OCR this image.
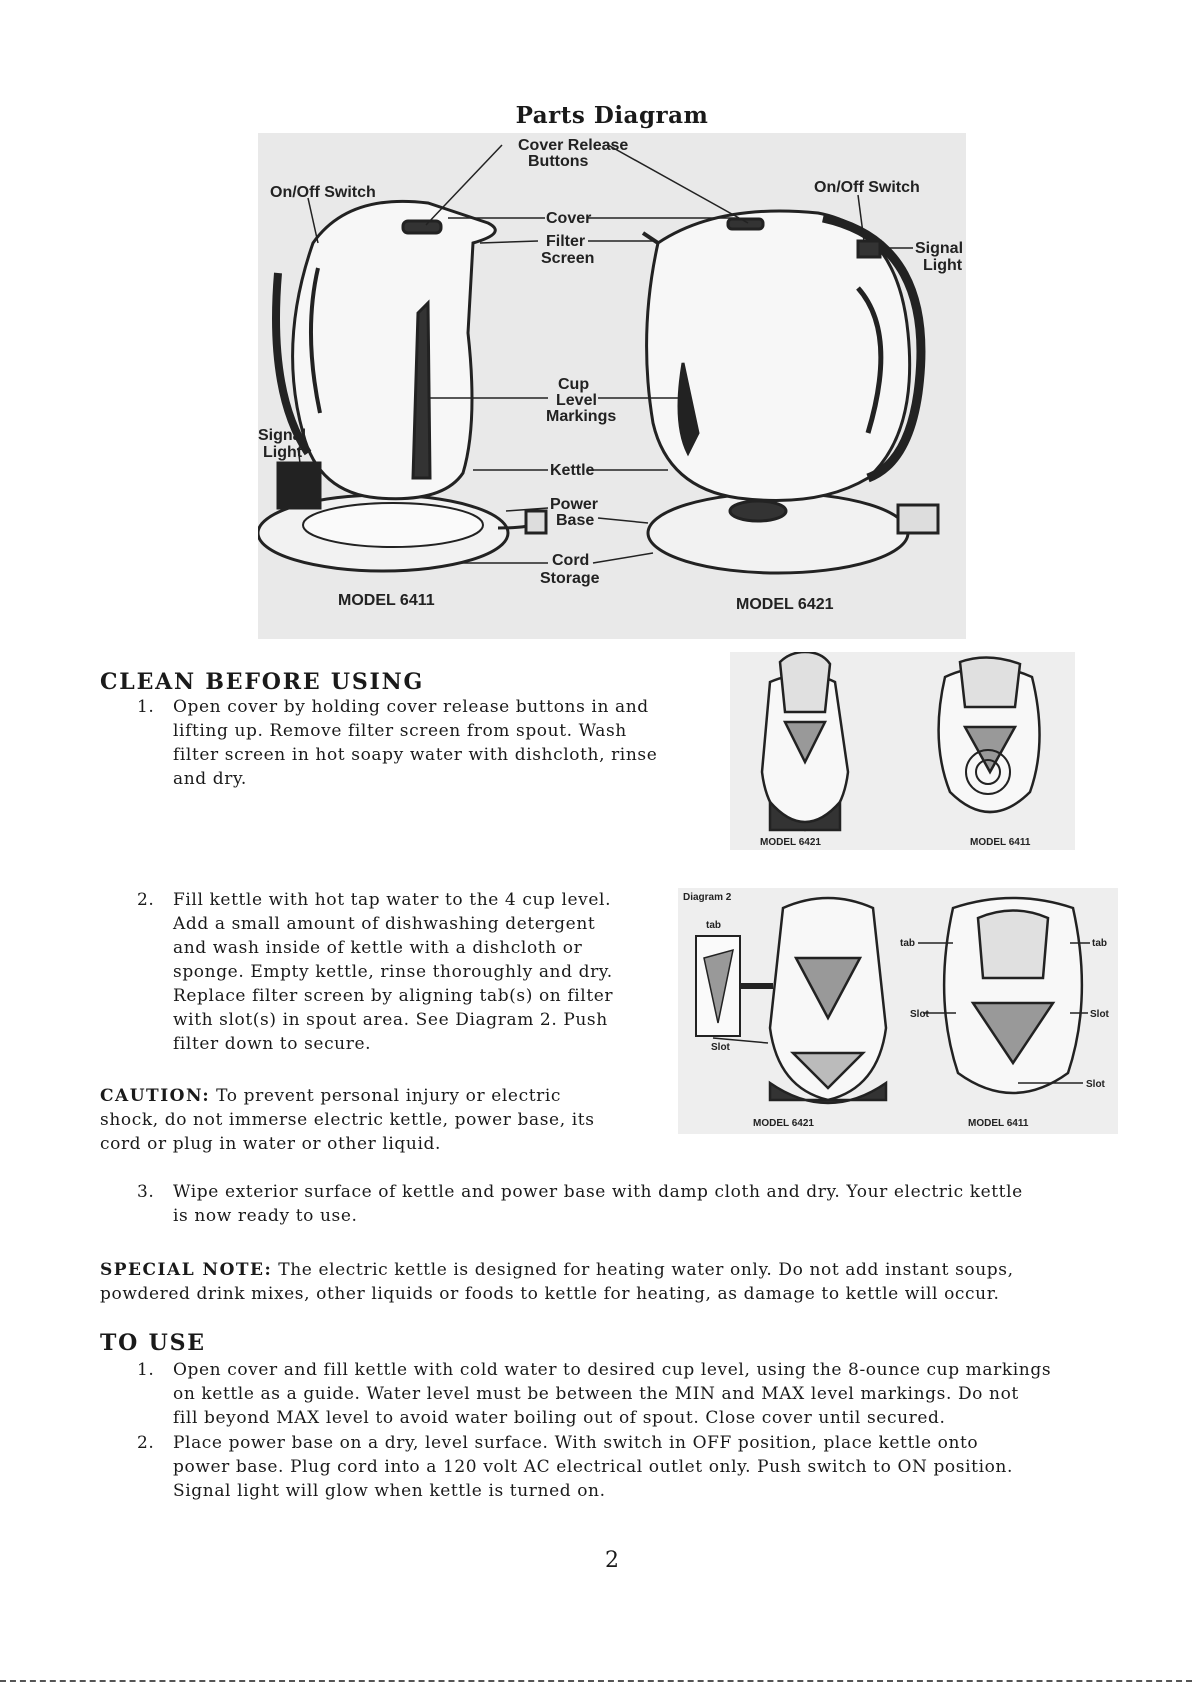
Parts Diagram
Cover Release
Buttons
On/Off Switch	On/Off Switch
Cover
Filter
Screen
Signal
Light
Signal
Light
Cup
Level
Markings
Kettle
Power
Base
Cord
Storage
MODEL 6411	MODEL 6421
MODEL 6421	MODEL 6411
Diagram 2
tab
Slot
tab	tab
Slot	Slot
Slot
MODEL 6421	MODEL 6411
CLEAN BEFORE USING
1. Open cover by holding cover release buttons in and
lifting up. Remove filter screen from spout. Wash
filter screen in hot soapy water with dishcloth, rinse
and dry.
2. Fill kettle with hot tap water to the 4 cup level.
Add a small amount of dishwashing detergent
and wash inside of kettle with a dishcloth or
sponge. Empty kettle, rinse thoroughly and dry.
Replace filter screen by aligning tab(s) on filter
with slot(s) in spout area. See Diagram 2. Push
filter down to secure.
CAUTION: To prevent personal injury or electric
shock, do not immerse electric kettle, power base, its
cord or plug in water or other liquid.
3. Wipe exterior surface of kettle and power base with damp cloth and dry. Your electric kettle
is now ready to use.
SPECIAL NOTE: The electric kettle is designed for heating water only. Do not add instant soups,
powdered drink mixes, other liquids or foods to kettle for heating, as damage to kettle will occur.
TO USE
1. Open cover and fill kettle with cold water to desired cup level, using the 8-ounce cup markings
on kettle as a guide. Water level must be between the MIN and MAX level markings. Do not
fill beyond MAX level to avoid water boiling out of spout. Close cover until secured.
2. Place power base on a dry, level surface. With switch in OFF position, place kettle onto
power base. Plug cord into a 120 volt AC electrical outlet only. Push switch to ON position.
Signal light will glow when kettle is turned on.
2
